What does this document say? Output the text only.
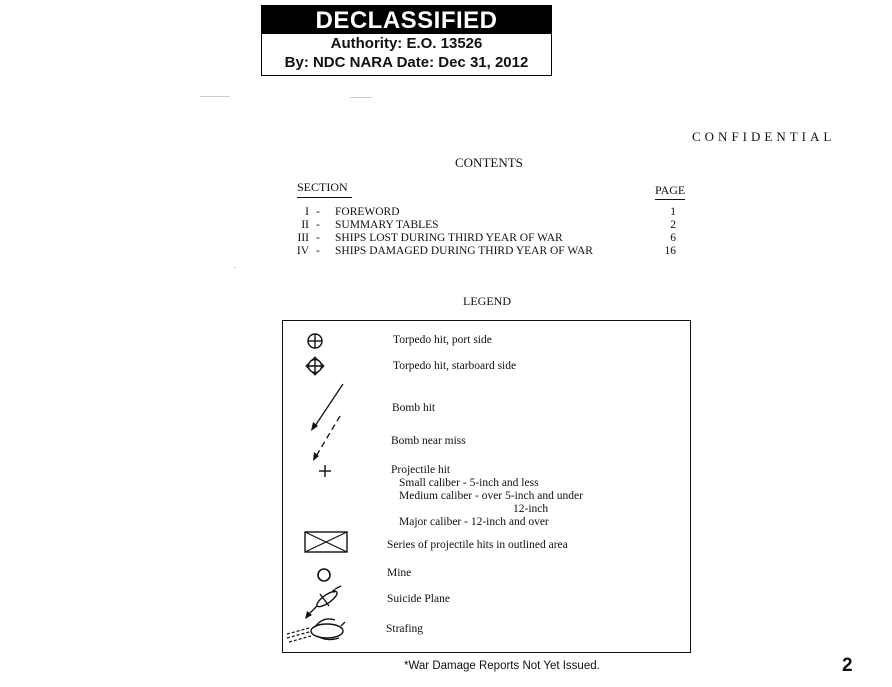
DECLASSIFIED
Authority: E.O. 13526
By: NDC NARA Date: Dec 31, 2012
CONFIDENTIAL
CONTENTS
SECTION	PAGE
I - FOREWORD	1
II - SUMMARY TABLES	2
III - SHIPS LOST DURING THIRD YEAR OF WAR	6
IV - SHIPS DAMAGED DURING THIRD YEAR OF WAR	16
LEGEND
Torpedo hit, port side
Torpedo hit, starboard side
Bomb hit
Bomb near miss
Projectile hit
Small caliber - 5-inch and less
Medium caliber - over 5-inch and under
12-inch
Major caliber - 12-inch and over
Series of projectile hits in outlined area
Mine
Suicide Plane
Strafing
*War Damage Reports Not Yet Issued.	2
